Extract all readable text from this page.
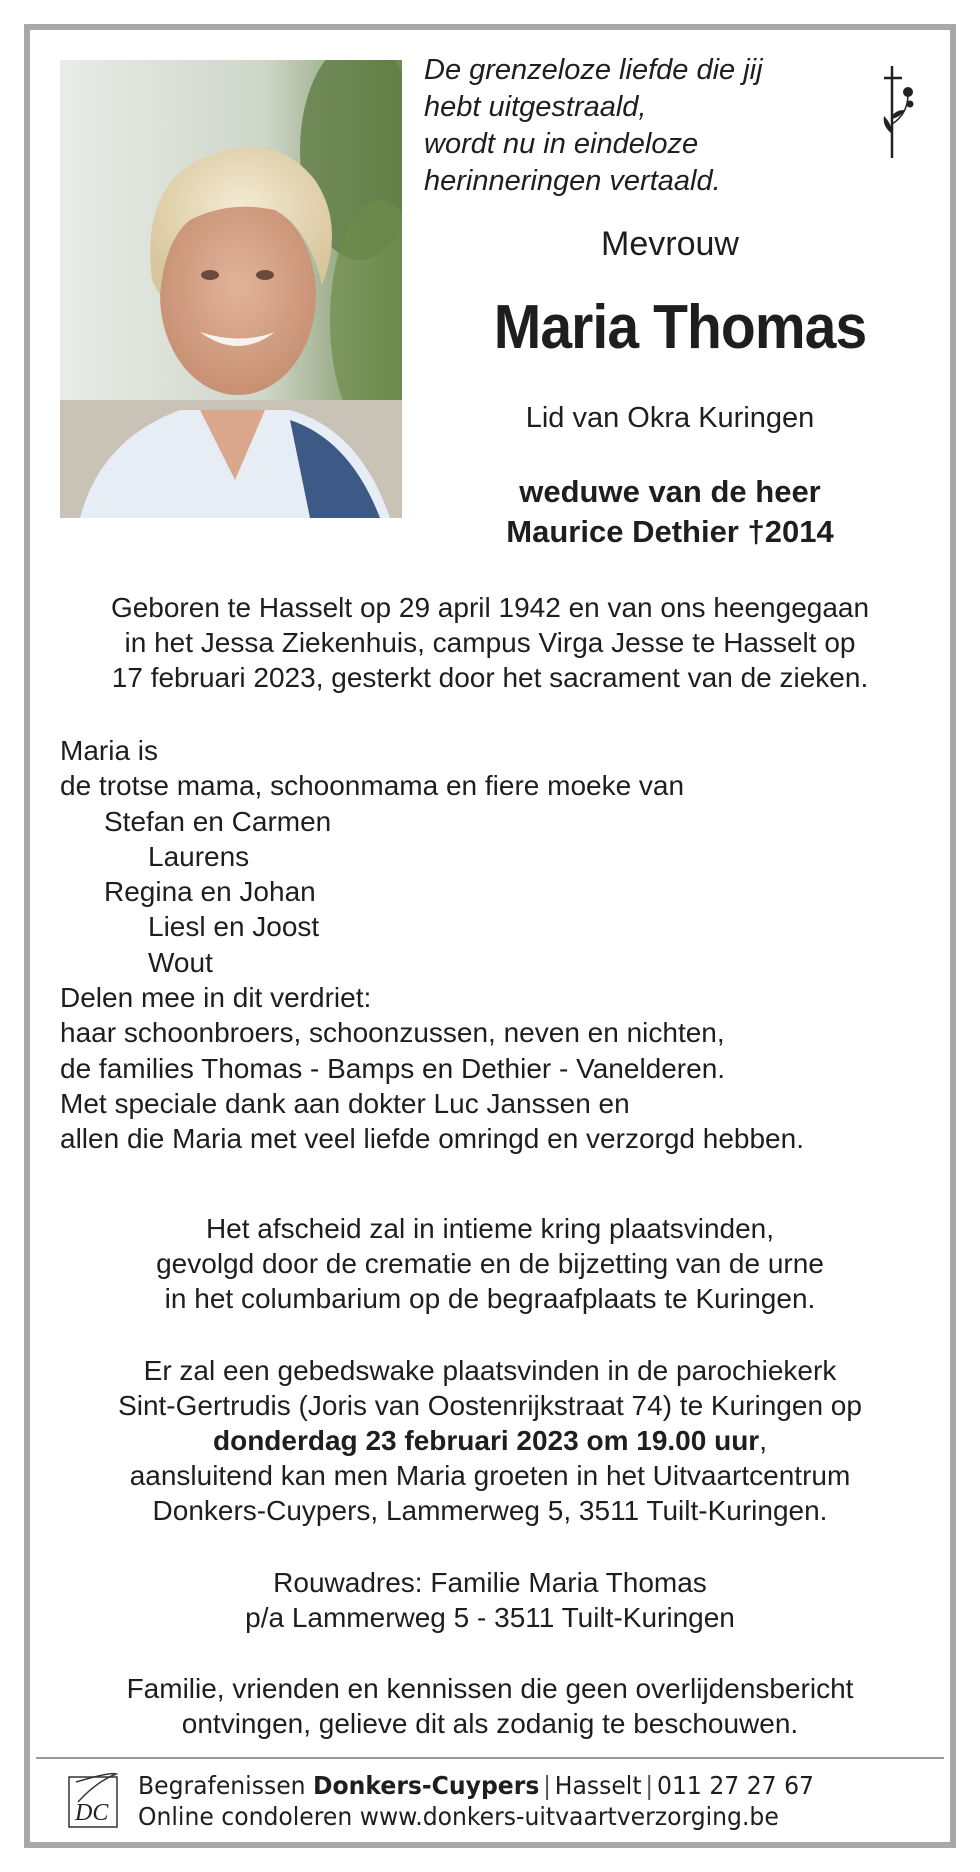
De grenzeloze liefde die jij
hebt uitgestraald,
wordt nu in eindeloze
herinneringen vertaald.
Mevrouw
Maria Thomas
Lid van Okra Kuringen
weduwe van de heer
Maurice Dethier †2014
Geboren te Hasselt op 29 april 1942 en van ons heengegaan
in het Jessa Ziekenhuis, campus Virga Jesse te Hasselt op
17 februari 2023, gesterkt door het sacrament van de zieken.
Maria is
de trotse mama, schoonmama en fiere moeke van
Stefan en Carmen
Laurens
Regina en Johan
Liesl en Joost
Wout
Delen mee in dit verdriet:
haar schoonbroers, schoonzussen, neven en nichten,
de families Thomas - Bamps en Dethier - Vanelderen.
Met speciale dank aan dokter Luc Janssen en
allen die Maria met veel liefde omringd en verzorgd hebben.
Het afscheid zal in intieme kring plaatsvinden,
gevolgd door de crematie en de bijzetting van de urne
in het columbarium op de begraafplaats te Kuringen.
Er zal een gebedswake plaatsvinden in de parochiekerk
Sint-Gertrudis (Joris van Oostenrijkstraat 74) te Kuringen op
donderdag 23 februari 2023 om 19.00 uur,
aansluitend kan men Maria groeten in het Uitvaartcentrum
Donkers-Cuypers, Lammerweg 5, 3511 Tuilt-Kuringen.
Rouwadres: Familie Maria Thomas
p/a Lammerweg 5 - 3511 Tuilt-Kuringen
Familie, vrienden en kennissen die geen overlijdensbericht
ontvingen, gelieve dit als zodanig te beschouwen.
DC
Begrafenissen Donkers-Cuypers | Hasselt | 011 27 27 67
Online condoleren www.donkers-uitvaartverzorging.be
